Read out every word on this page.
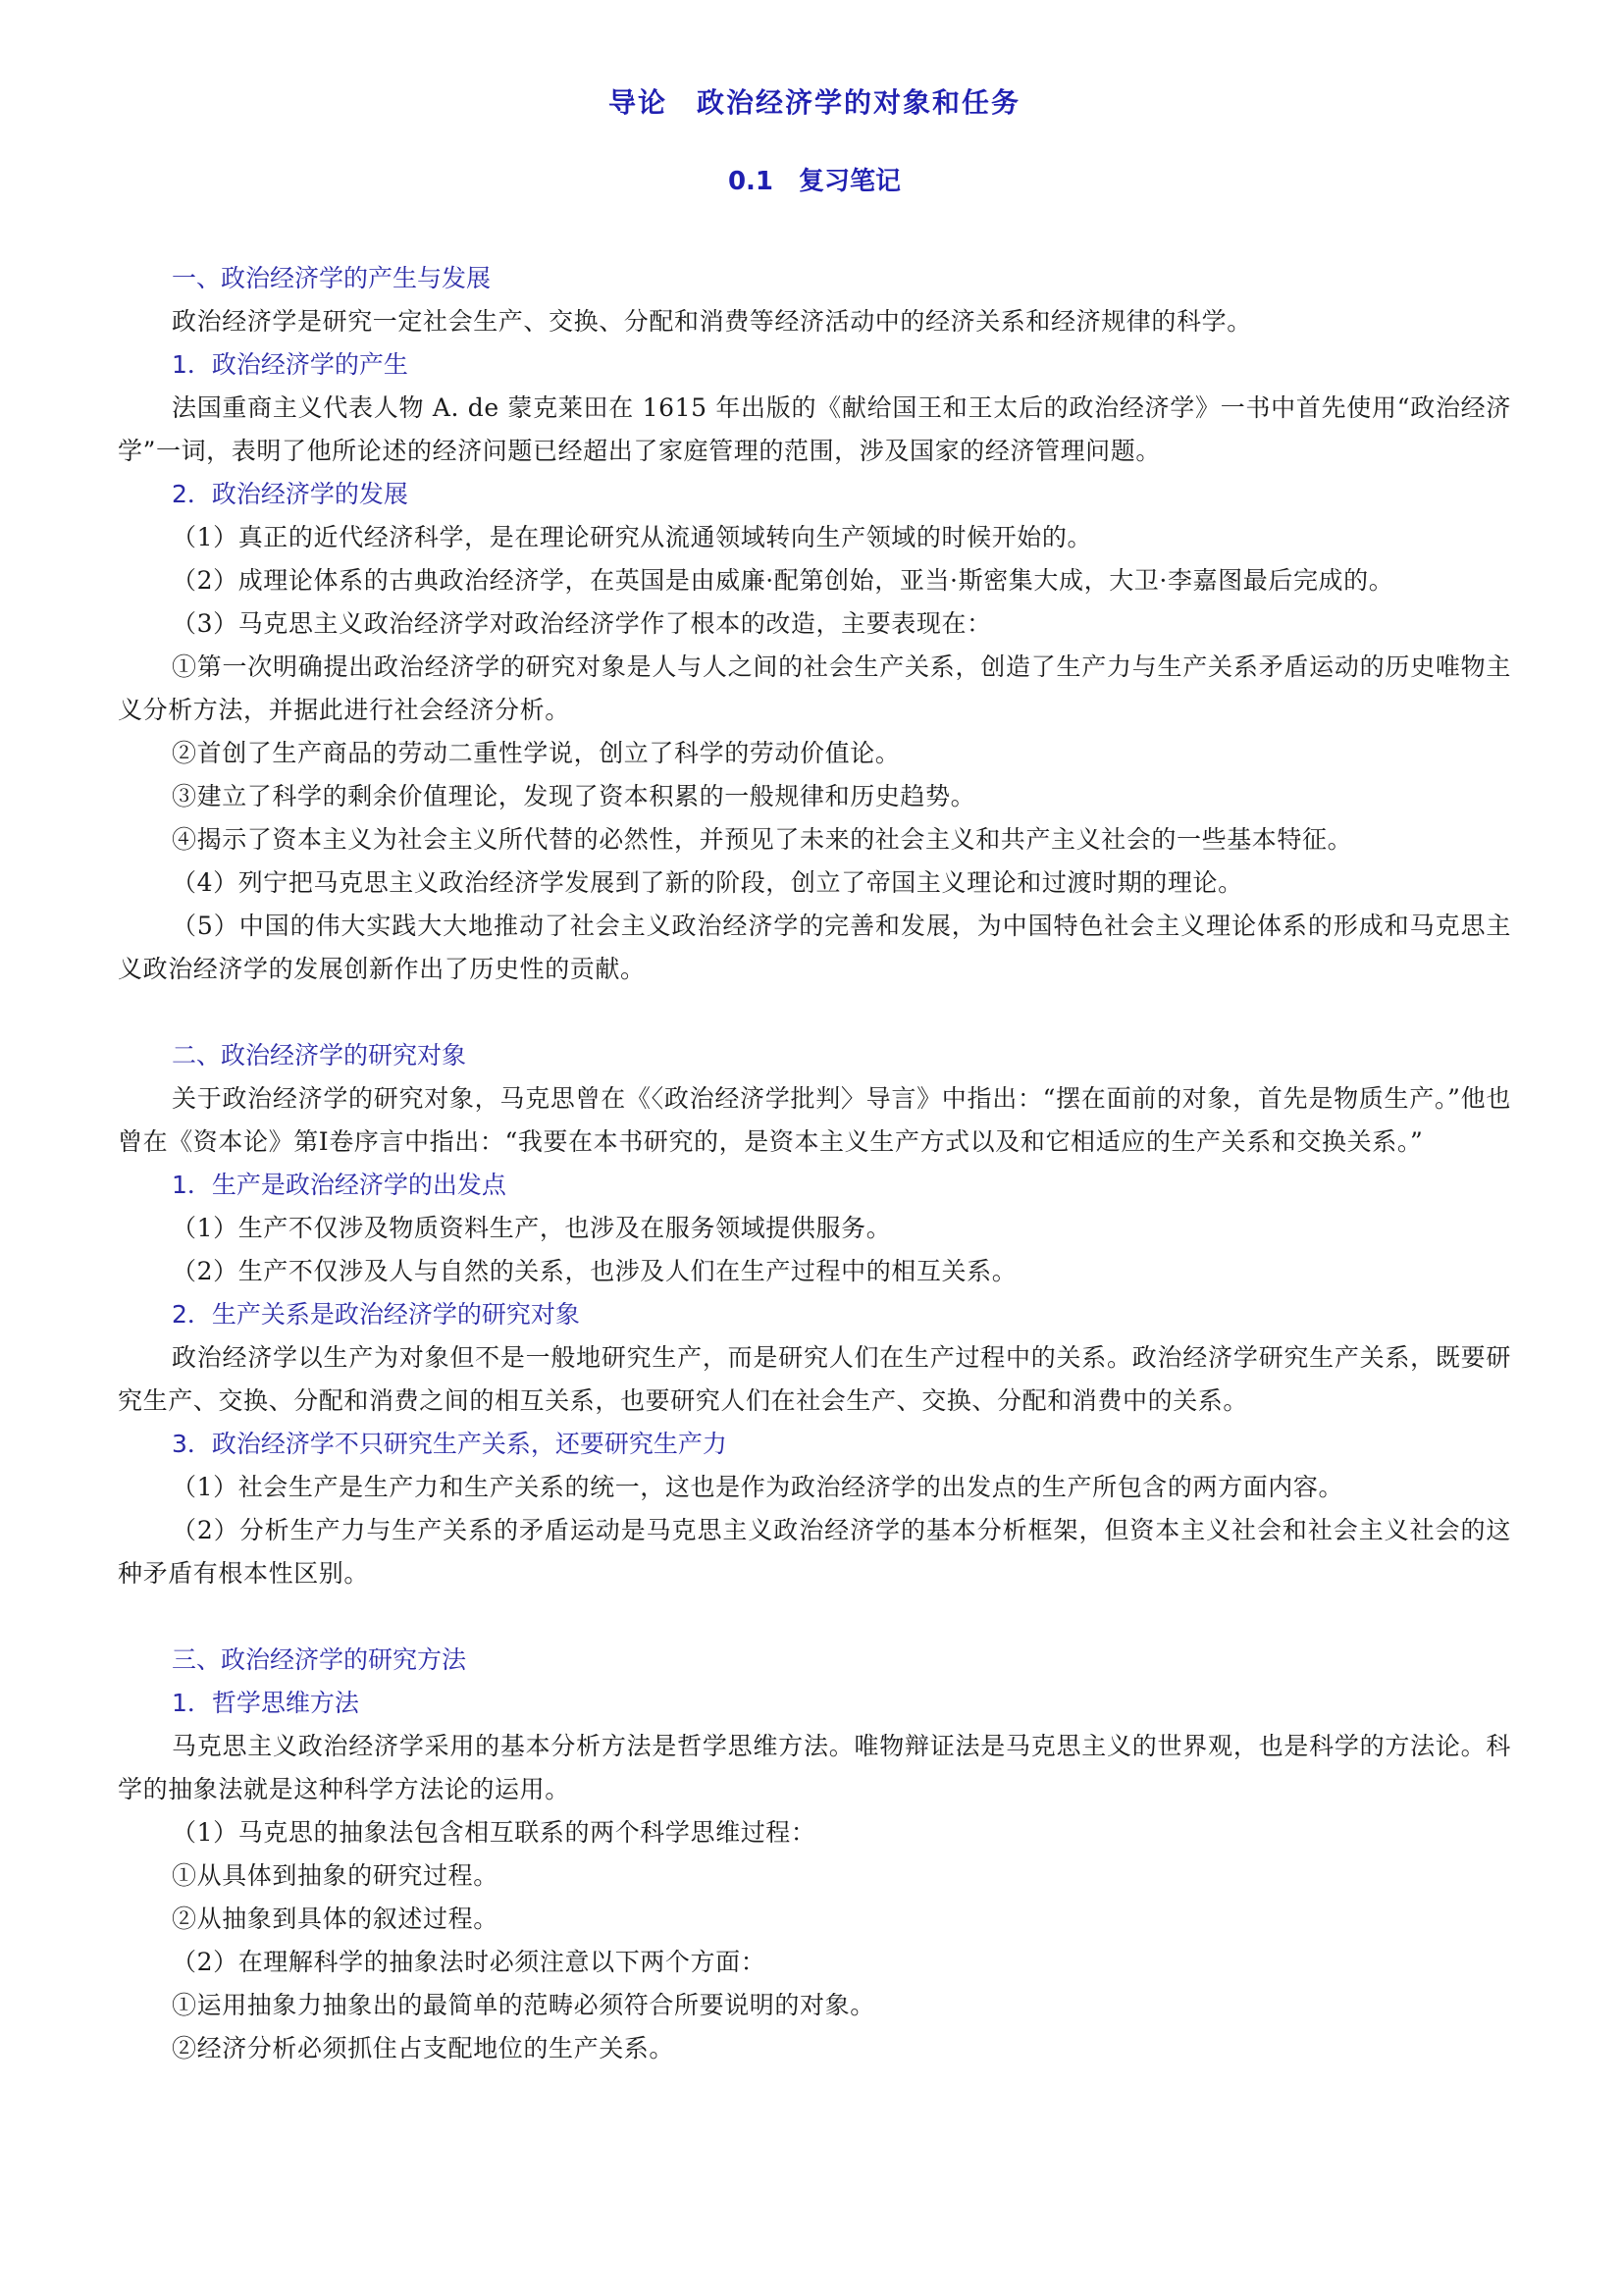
导论　政治经济学的对象和任务
0.1　复习笔记
一、政治经济学的产生与发展
政治经济学是研究一定社会生产、交换、分配和消费等经济活动中的经济关系和经济规律的科学。
1．政治经济学的产生
法国重商主义代表人物 A. de 蒙克莱田在 1615 年出版的《献给国王和王太后的政治经济学》一书中首先使用“政治经济学”一词，表明了他所论述的经济问题已经超出了家庭管理的范围，涉及国家的经济管理问题。
2．政治经济学的发展
（1）真正的近代经济科学，是在理论研究从流通领域转向生产领域的时候开始的。
（2）成理论体系的古典政治经济学，在英国是由威廉·配第创始，亚当·斯密集大成，大卫·李嘉图最后完成的。
（3）马克思主义政治经济学对政治经济学作了根本的改造，主要表现在：
①第一次明确提出政治经济学的研究对象是人与人之间的社会生产关系，创造了生产力与生产关系矛盾运动的历史唯物主义分析方法，并据此进行社会经济分析。
②首创了生产商品的劳动二重性学说，创立了科学的劳动价值论。
③建立了科学的剩余价值理论，发现了资本积累的一般规律和历史趋势。
④揭示了资本主义为社会主义所代替的必然性，并预见了未来的社会主义和共产主义社会的一些基本特征。
（4）列宁把马克思主义政治经济学发展到了新的阶段，创立了帝国主义理论和过渡时期的理论。
（5）中国的伟大实践大大地推动了社会主义政治经济学的完善和发展，为中国特色社会主义理论体系的形成和马克思主义政治经济学的发展创新作出了历史性的贡献。
二、政治经济学的研究对象
关于政治经济学的研究对象，马克思曾在《〈政治经济学批判〉导言》中指出：“摆在面前的对象，首先是物质生产。”他也曾在《资本论》第Ⅰ卷序言中指出：“我要在本书研究的，是资本主义生产方式以及和它相适应的生产关系和交换关系。”
1．生产是政治经济学的出发点
（1）生产不仅涉及物质资料生产，也涉及在服务领域提供服务。
（2）生产不仅涉及人与自然的关系，也涉及人们在生产过程中的相互关系。
2．生产关系是政治经济学的研究对象
政治经济学以生产为对象但不是一般地研究生产，而是研究人们在生产过程中的关系。政治经济学研究生产关系，既要研究生产、交换、分配和消费之间的相互关系，也要研究人们在社会生产、交换、分配和消费中的关系。
3．政治经济学不只研究生产关系，还要研究生产力
（1）社会生产是生产力和生产关系的统一，这也是作为政治经济学的出发点的生产所包含的两方面内容。
（2）分析生产力与生产关系的矛盾运动是马克思主义政治经济学的基本分析框架，但资本主义社会和社会主义社会的这种矛盾有根本性区别。
三、政治经济学的研究方法
1．哲学思维方法
马克思主义政治经济学采用的基本分析方法是哲学思维方法。唯物辩证法是马克思主义的世界观，也是科学的方法论。科学的抽象法就是这种科学方法论的运用。
（1）马克思的抽象法包含相互联系的两个科学思维过程：
①从具体到抽象的研究过程。
②从抽象到具体的叙述过程。
（2）在理解科学的抽象法时必须注意以下两个方面：
①运用抽象力抽象出的最简单的范畴必须符合所要说明的对象。
②经济分析必须抓住占支配地位的生产关系。
